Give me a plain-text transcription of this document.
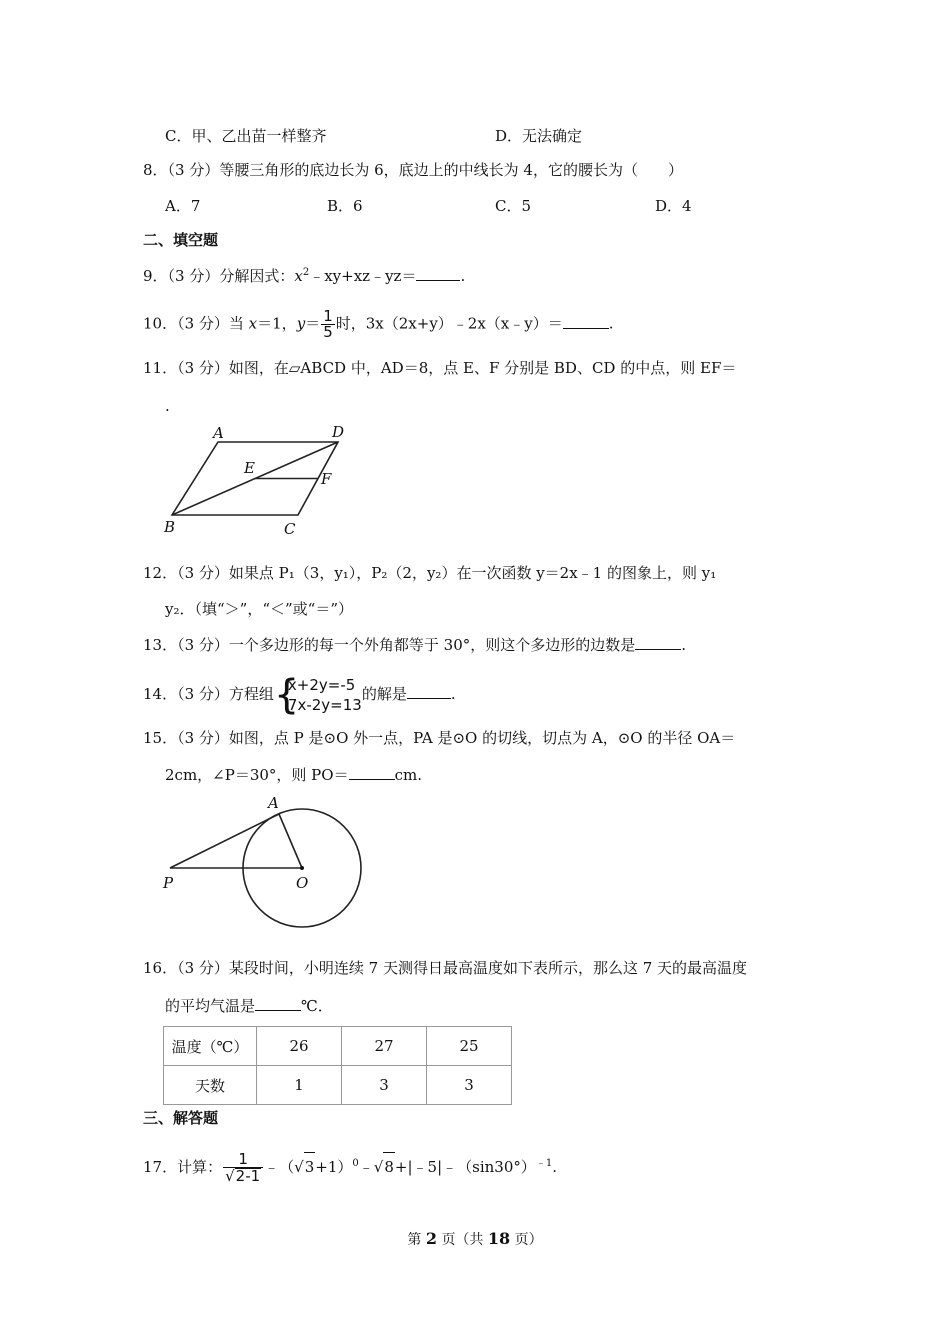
C．甲、乙出苗一样整齐	D．无法确定
8．（3 分）等腰三角形的底边长为 6，底边上的中线长为 4，它的腰长为（　　）
A．7	B．6	C．5	D．4
二、填空题
9．（3 分）分解因式：$x^2﹣xy+xz﹣yz=$	.
10．（3 分）当 x＝1，$y= \frac{1}{5}$ 时，3x（2x+y）﹣2x（x﹣y）＝	.
11．（3 分）如图，在▱ABCD 中，AD＝8，点 E、F 分别是 BD、CD 的中点，则 EF＝
.
A	D
E
F
B	C
12．（3 分）如果点 P₁（3，y₁），P₂（2，y₂）在一次函数 y＝2x﹣1 的图象上，则 y₁
y₂．（填“＞”，“＜”或“＝”）
13．（3 分）一个多边形的每一个外角都等于 30°，则这个多边形的边数是	.
14．（3 分）方程组 {
x+2y=-5
7x-2y=13
的解是	.
15．（3 分）如图，点 P 是⊙O 外一点，PA 是⊙O 的切线，切点为 A，⊙O 的半径 OA＝
2cm，∠P＝30°，则 PO＝	cm.
A
P	O
16．（3 分）某段时间，小明连续 7 天测得日最高温度如下表所示，那么这 7 天的最高温度
的平均气温是	℃．
温度（℃）	26	27	25
天数	1	3	3
三、解答题
17．计算： $\frac{1}{√2-1}$ $﹣(√3+1)^0﹣√8+|﹣5|﹣(\sin 30^\circ)^{﹣1}$.
第 2 页（共 18 页）
